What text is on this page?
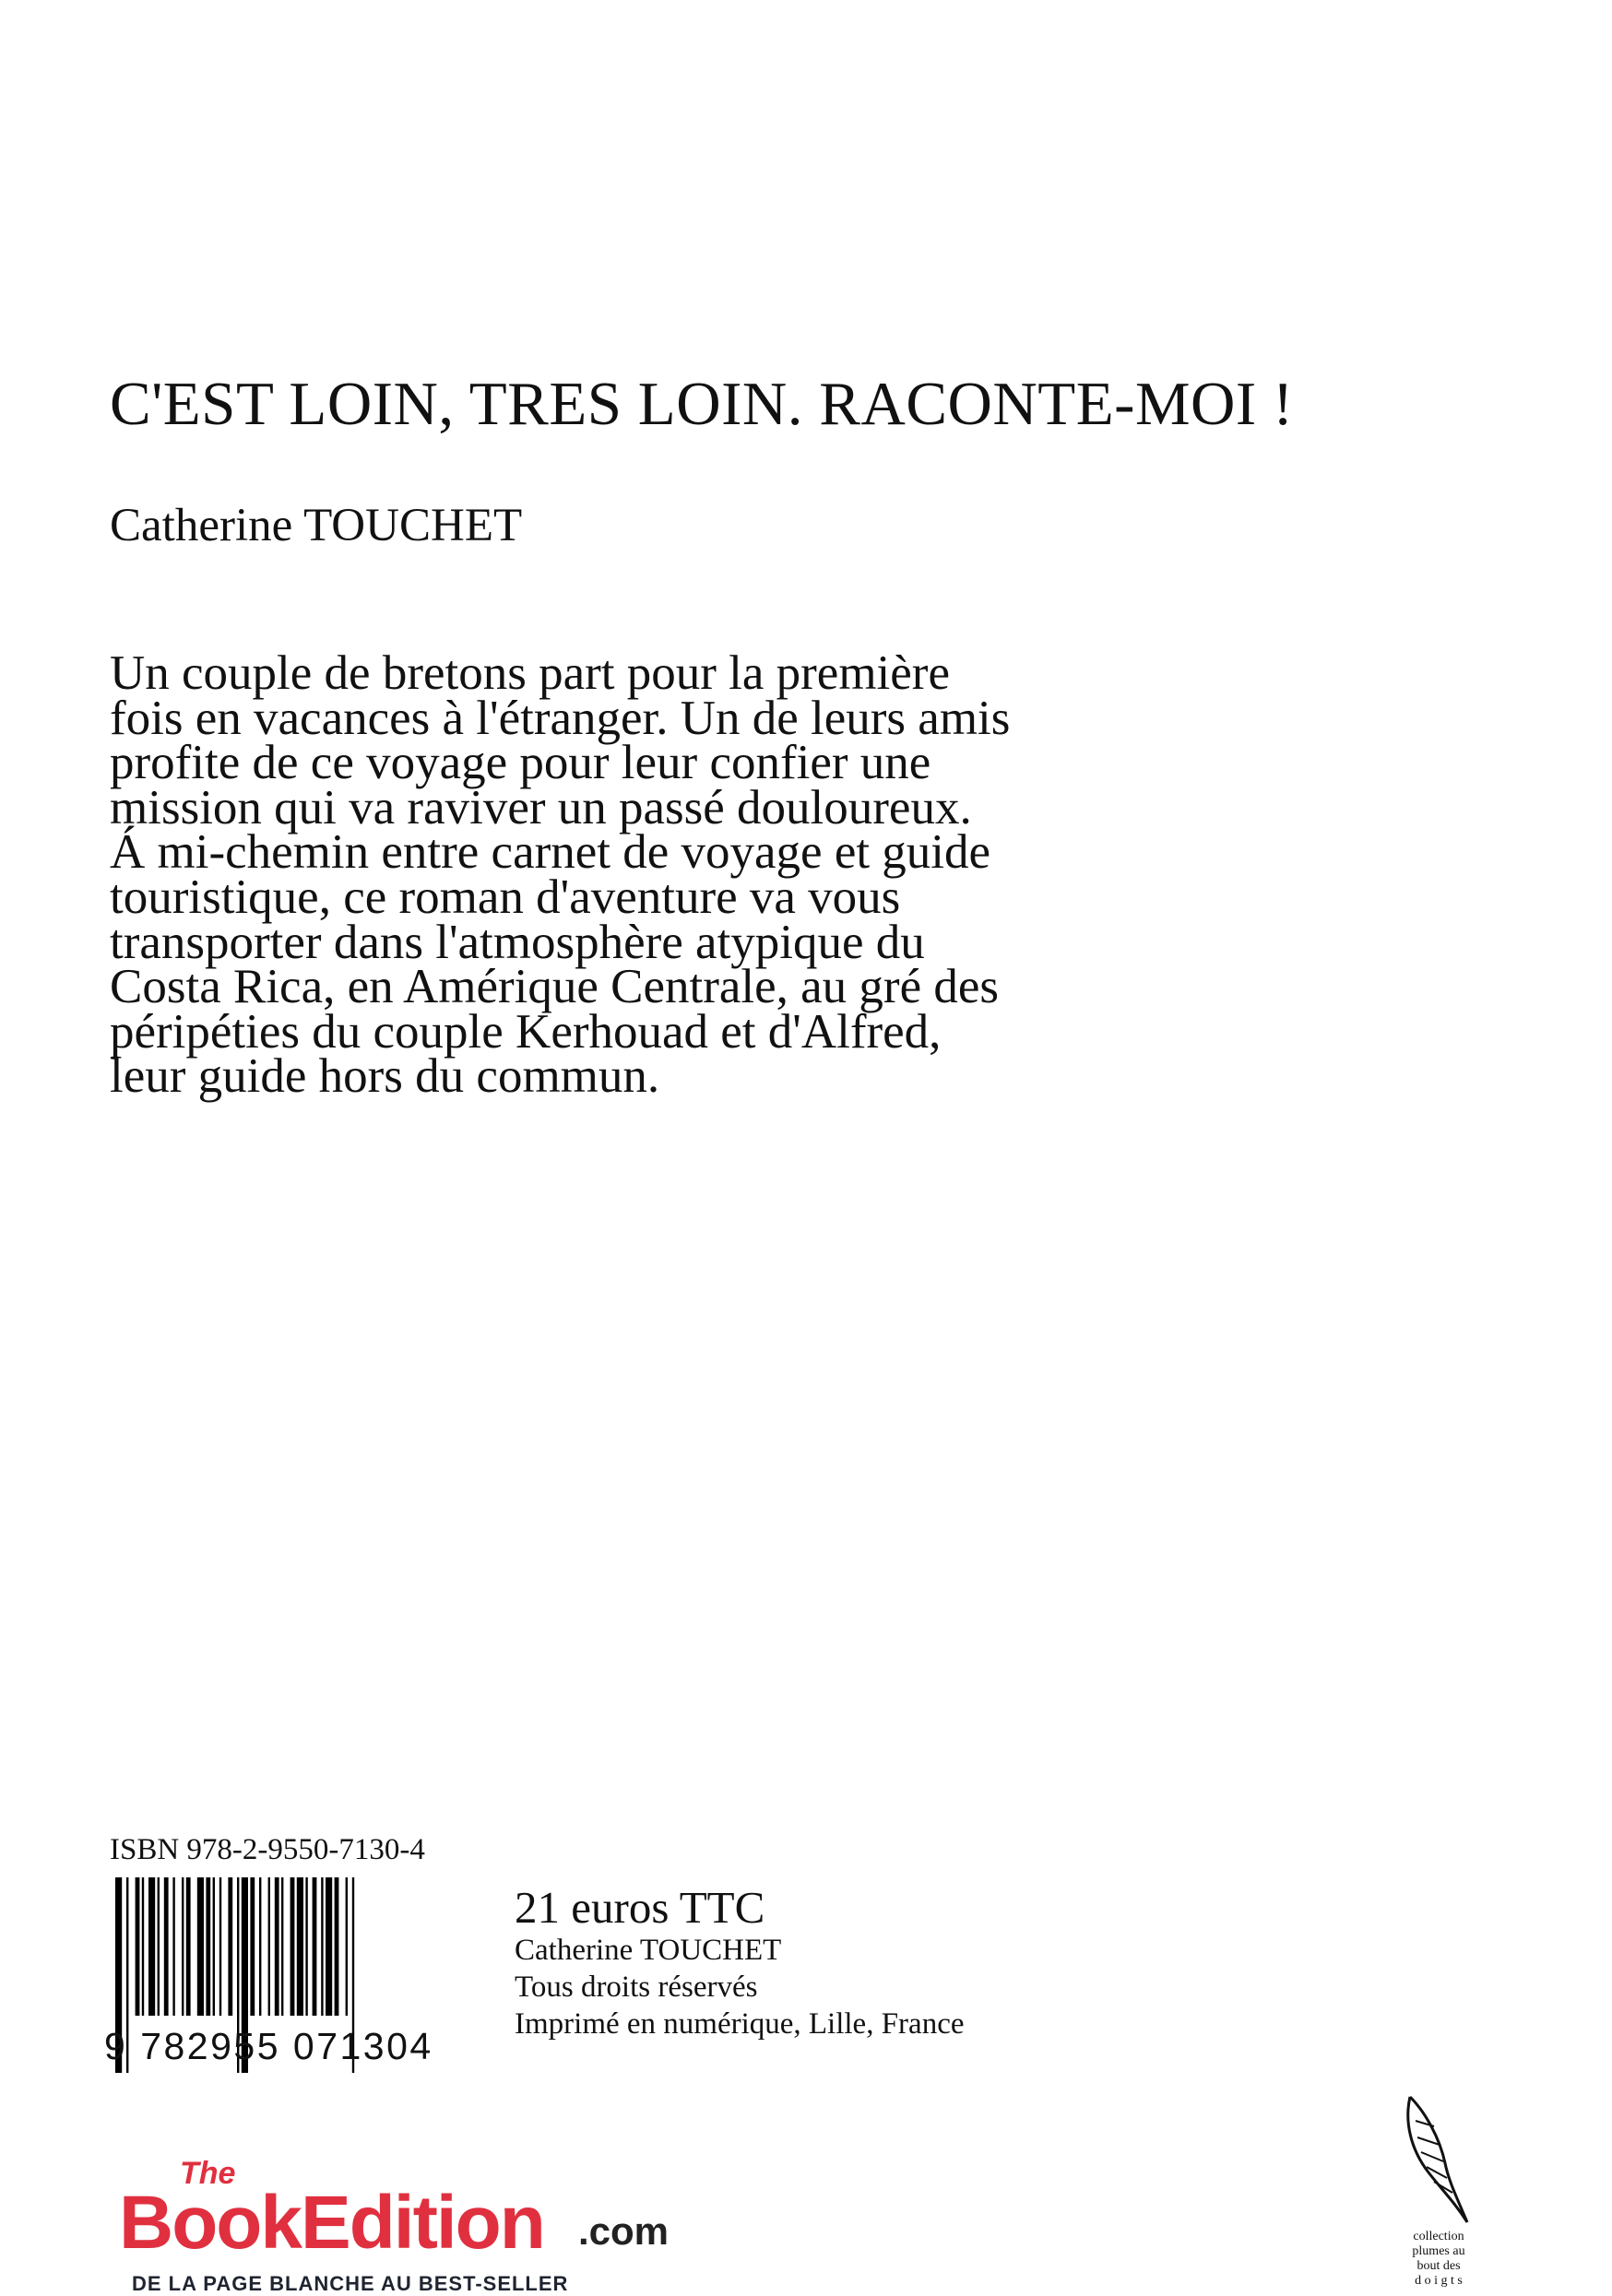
C'EST LOIN, TRES LOIN. RACONTE-MOI !
Catherine TOUCHET
Un couple de bretons part pour la première
fois en vacances à l'étranger. Un de leurs amis
profite de ce voyage pour leur confier une
mission qui va raviver un passé douloureux.
Á mi-chemin entre carnet de voyage et guide
touristique, ce roman d'aventure va vous
transporter dans l'atmosphère atypique du
Costa Rica, en Amérique Centrale, au gré des
péripéties du couple Kerhouad et d'Alfred,
leur guide hors du commun.
ISBN 978-2-9550-7130-4
9 782955 071304
21 euros TTC
Catherine TOUCHET
Tous droits réservés
Imprimé en numérique, Lille, France
The
BookEdition .com
DE LA PAGE BLANCHE AU BEST-SELLER
collection
plumes au
bout des
d o i g t s
